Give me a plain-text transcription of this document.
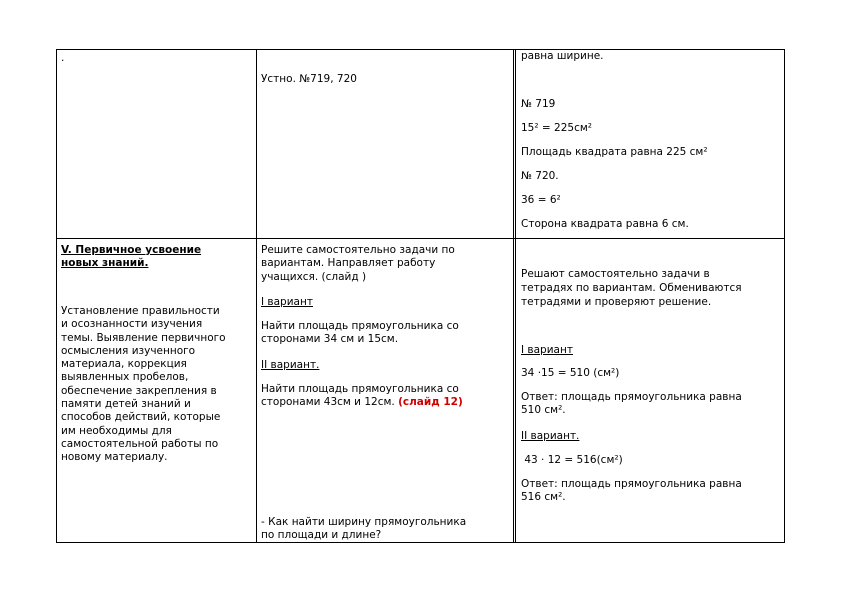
.
Устно. №719, 720
равна ширине.
№ 719
15² = 225см²
Площадь квадрата равна 225 см²
№ 720.
36 = 6²
Сторона квадрата равна 6 см.
V. Первичное усвоение
новых знаний.
Установление правильности
и осознанности изучения
темы. Выявление первичного
осмысления изученного
материала, коррекция
выявленных пробелов,
обеспечение закрепления в
памяти детей знаний и
способов действий, которые
им необходимы для
самостоятельной работы по
новому материалу.
Решите самостоятельно задачи по
вариантам. Направляет работу
учащихся. (слайд )
I вариант
Найти площадь прямоугольника со
сторонами 34 см и 15см.
II вариант.
Найти площадь прямоугольника со
сторонами 43см и 12см. (слайд 12)
- Как найти ширину прямоугольника
по площади и длине?
Решают самостоятельно задачи в
тетрадях по вариантам. Обмениваются
тетрадями и проверяют решение.
I вариант
34 ·15 = 510 (см²)
Ответ: площадь прямоугольника равна
510 см².
II вариант.
43 · 12 = 516(см²)
Ответ: площадь прямоугольника равна
516 см².
